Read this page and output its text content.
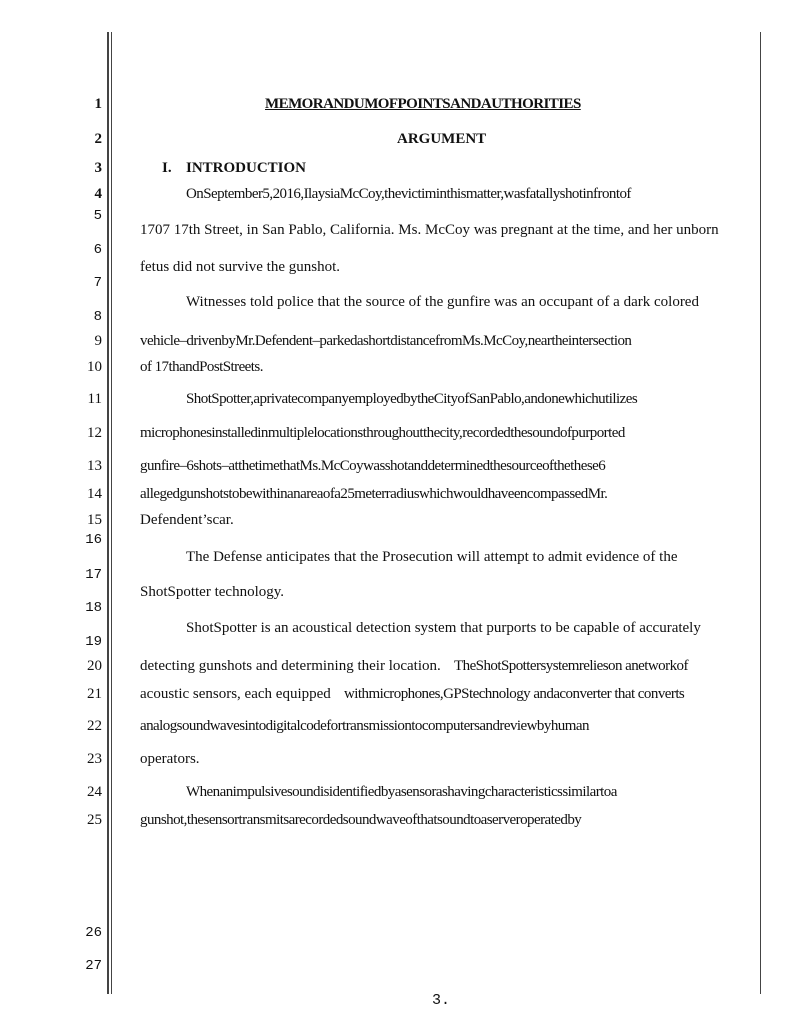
1
2
3
4
5
6
7
8
9
10
11
12
13
14
15
16
17
18
19
20
21
22
23
24
25
26
27
MEMORANDUMOFPOINTSANDAUTHORITIES
ARGUMENT
I. INTRODUCTION
OnSeptember5,2016,IlaysiaMcCoy,thevictiminthismatter,wasfatallyshotinfrontof
1707 17th Street, in San Pablo, California. Ms. McCoy was pregnant at the time, and her unborn
fetus did not survive the gunshot.
Witnesses told police that the source of the gunfire was an occupant of a dark colored
vehicle–drivenbyMr.Defendent–parkedashortdistancefromMs.McCoy,neartheintersection
of 17thandPostStreets.
ShotSpotter,aprivatecompanyemployedbytheCityofSanPablo,andonewhichutilizes
microphonesinstalledinmultiplelocationsthroughoutthecity,recordedthesoundofpurported
gunfire–6shots–atthetimethatMs.McCoywasshotanddeterminedthesourceofthethese6
allegedgunshotstobewithinanareaofa25meterradiuswhichwouldhaveencompassedMr.
Defendent’scar.
The Defense anticipates that the Prosecution will attempt to admit evidence of the
ShotSpotter technology.
ShotSpotter is an acoustical detection system that purports to be capable of accurately
detecting gunshots and determining their location. TheShotSpottersystemrelieson anetworkof
acoustic sensors, each equipped withmicrophones,GPStechnology andaconverter that converts
analogsoundwavesintodigitalcodefortransmissiontocomputersandreviewbyhuman
operators.
Whenanimpulsivesoundisidentifiedbyasensorashavingcharacteristicssimilartoa
gunshot,thesensortransmitsarecordedsoundwaveofthatsoundtoaserveroperatedby
3.
